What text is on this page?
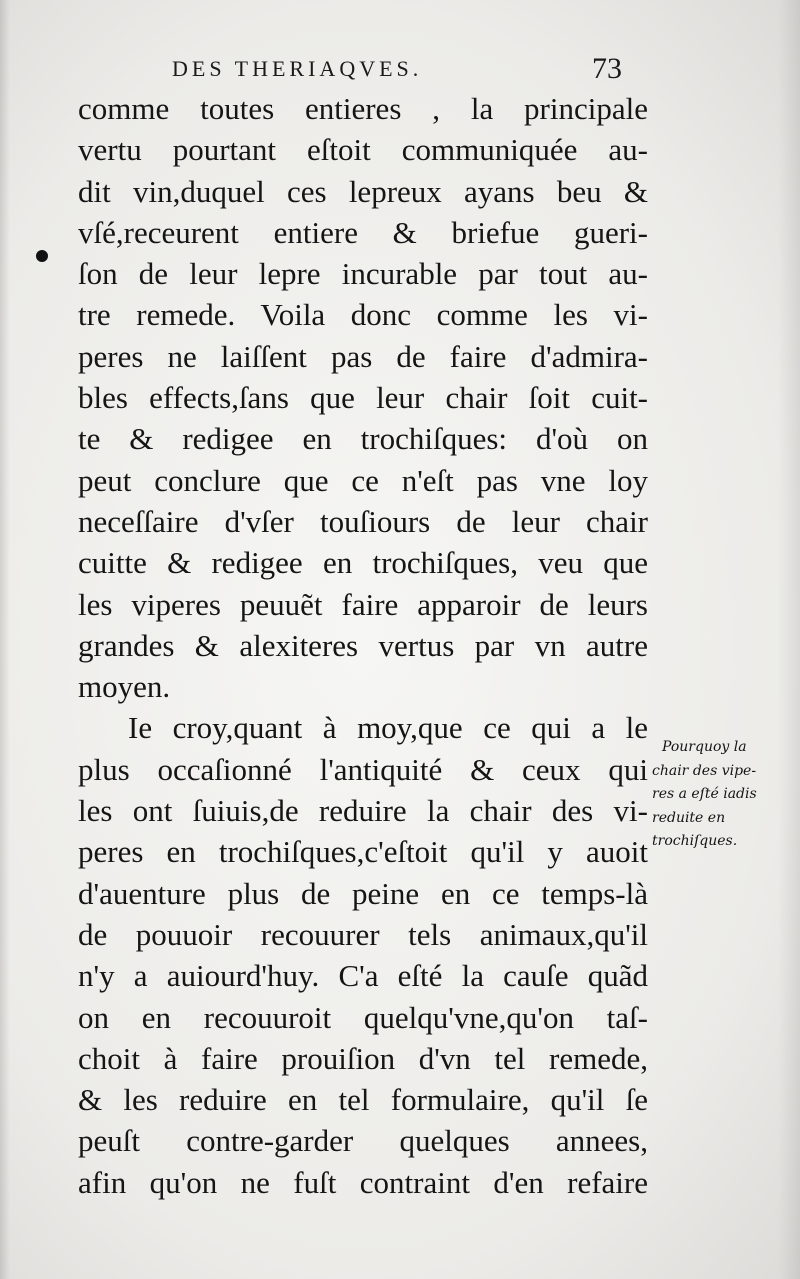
DES THERIAQVES.	73
comme toutes entieres , la principale
vertu pourtant eſtoit communiquée au-
dit vin,duquel ces lepreux ayans beu &
vſé,receurent entiere & briefue gueri-
ſon de leur lepre incurable par tout au-
tre remede. Voila donc comme les vi-
peres ne laiſſent pas de faire d'admira-
bles effects,ſans que leur chair ſoit cuit-
te & redigee en trochiſques: d'où on
peut conclure que ce n'eſt pas vne loy
neceſſaire d'vſer touſiours de leur chair
cuitte & redigee en trochiſques, veu que
les viperes peuuẽt faire apparoir de leurs
grandes & alexiteres vertus par vn autre
moyen.
Ie croy,quant à moy,que ce qui a le
plus occaſionné l'antiquité & ceux qui
les ont ſuiuis,de reduire la chair des vi-
peres en trochiſques,c'eſtoit qu'il y auoit
d'auenture plus de peine en ce temps-là
de pouuoir recouurer tels animaux,qu'il
n'y a auiourd'huy. C'a eſté la cauſe quãd
on en recouuroit quelqu'vne,qu'on taſ-
choit à faire prouiſion d'vn tel remede,
& les reduire en tel formulaire, qu'il ſe
peuſt contre-garder quelques annees,
afin qu'on ne fuſt contraint d'en refaire
Pourquoy la
chair des vipe-
res a eſté iadis
reduite en
trochiſques.
